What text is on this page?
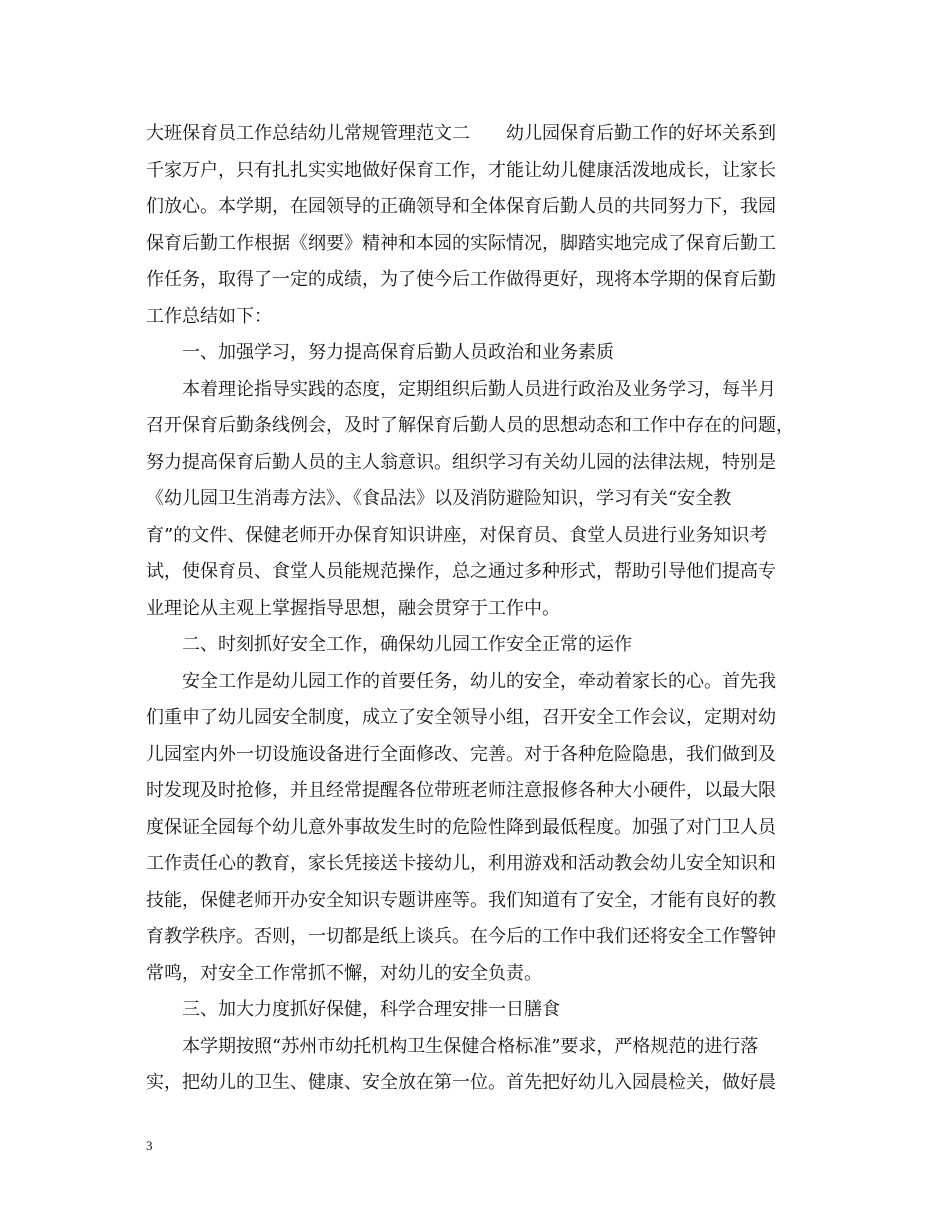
大班保育员工作总结幼儿常规管理范文二　　幼儿园保育后勤工作的好坏关系到
千家万户，只有扎扎实实地做好保育工作，才能让幼儿健康活泼地成长，让家长
们放心。本学期，在园领导的正确领导和全体保育后勤人员的共同努力下，我园
保育后勤工作根据《纲要》精神和本园的实际情况，脚踏实地完成了保育后勤工
作任务，取得了一定的成绩，为了使今后工作做得更好，现将本学期的保育后勤
工作总结如下：
一、加强学习，努力提高保育后勤人员政治和业务素质
本着理论指导实践的态度，定期组织后勤人员进行政治及业务学习，每半月
召开保育后勤条线例会，及时了解保育后勤人员的思想动态和工作中存在的问题，
努力提高保育后勤人员的主人翁意识。组织学习有关幼儿园的法律法规，特别是
《幼儿园卫生消毒方法》、《食品法》以及消防避险知识，学习有关“安全教
育”的文件、保健老师开办保育知识讲座，对保育员、食堂人员进行业务知识考
试，使保育员、食堂人员能规范操作，总之通过多种形式，帮助引导他们提高专
业理论从主观上掌握指导思想，融会贯穿于工作中。
二、时刻抓好安全工作，确保幼儿园工作安全正常的运作
安全工作是幼儿园工作的首要任务，幼儿的安全，牵动着家长的心。首先我
们重申了幼儿园安全制度，成立了安全领导小组，召开安全工作会议，定期对幼
儿园室内外一切设施设备进行全面修改、完善。对于各种危险隐患，我们做到及
时发现及时抢修，并且经常提醒各位带班老师注意报修各种大小硬件，以最大限
度保证全园每个幼儿意外事故发生时的危险性降到最低程度。加强了对门卫人员
工作责任心的教育，家长凭接送卡接幼儿，利用游戏和活动教会幼儿安全知识和
技能，保健老师开办安全知识专题讲座等。我们知道有了安全，才能有良好的教
育教学秩序。否则，一切都是纸上谈兵。在今后的工作中我们还将安全工作警钟
常鸣，对安全工作常抓不懈，对幼儿的安全负责。
三、加大力度抓好保健，科学合理安排一日膳食
本学期按照“苏州市幼托机构卫生保健合格标准”要求，严格规范的进行落
实，把幼儿的卫生、健康、安全放在第一位。首先把好幼儿入园晨检关，做好晨
3
